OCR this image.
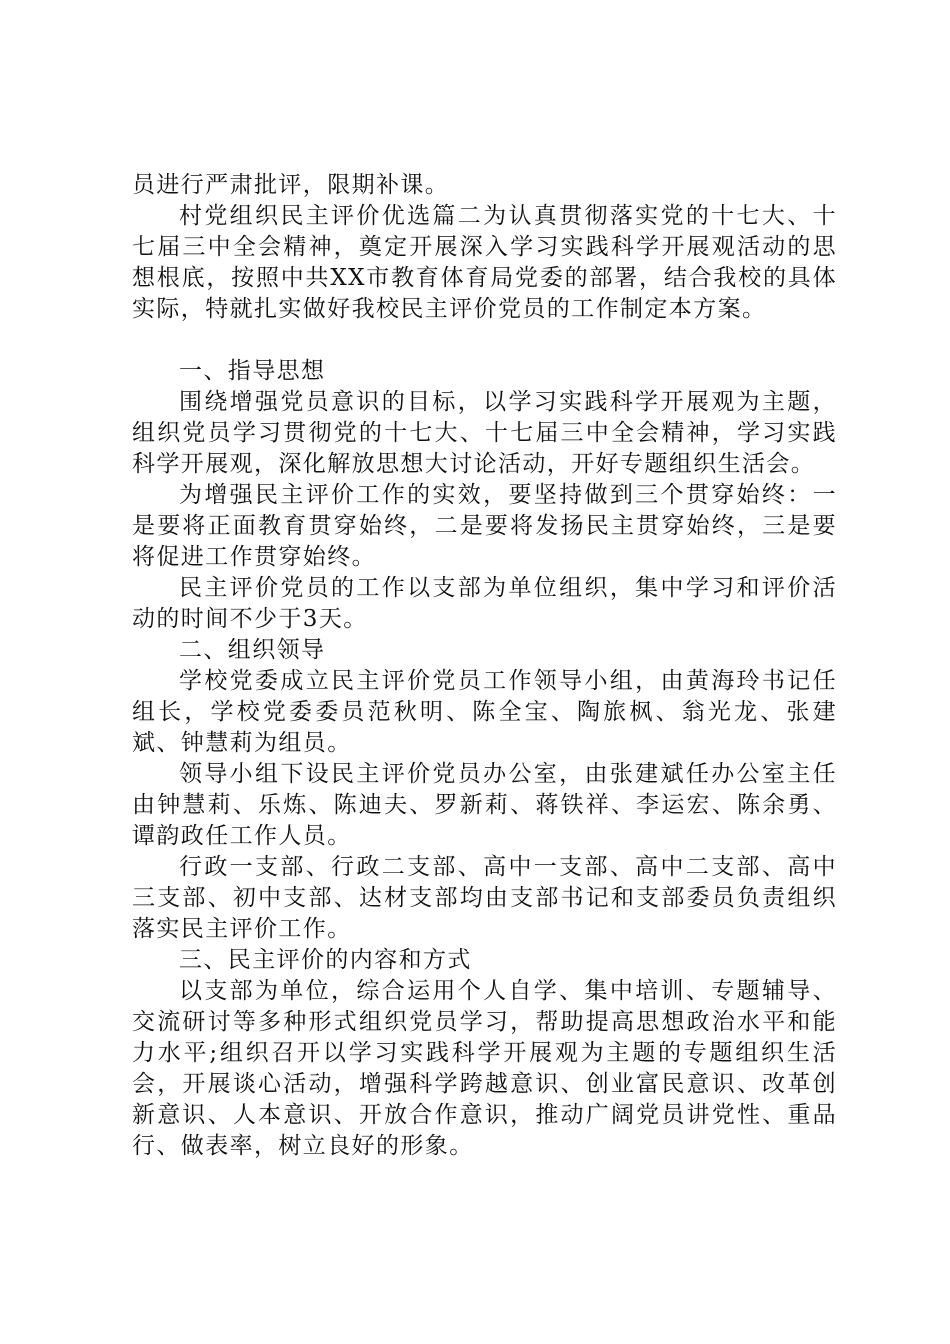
员进行严肃批评，限期补课。

村党组织民主评价优选篇二为认真贯彻落实党的十七大、十七届三中全会精神，奠定开展深入学习实践科学开展观活动的思想根底，按照中共XX市教育体育局党委的部署，结合我校的具体实际，特就扎实做好我校民主评价党员的工作制定本方案。

一、指导思想

围绕增强党员意识的目标，以学习实践科学开展观为主题，组织党员学习贯彻党的十七大、十七届三中全会精神，学习实践科学开展观，深化解放思想大讨论活动，开好专题组织生活会。

为增强民主评价工作的实效，要坚持做到三个贯穿始终：一是要将正面教育贯穿始终，二是要将发扬民主贯穿始终，三是要将促进工作贯穿始终。

民主评价党员的工作以支部为单位组织，集中学习和评价活动的时间不少于3天。

二、组织领导

学校党委成立民主评价党员工作领导小组，由黄海玲书记任组长，学校党委委员范秋明、陈全宝、陶旅枫、翁光龙、张建斌、钟慧莉为组员。

领导小组下设民主评价党员办公室，由张建斌任办公室主任由钟慧莉、乐炼、陈迪夫、罗新莉、蒋铁祥、李运宏、陈余勇、谭韵政任工作人员。

行政一支部、行政二支部、高中一支部、高中二支部、高中三支部、初中支部、达材支部均由支部书记和支部委员负责组织落实民主评价工作。

三、民主评价的内容和方式

以支部为单位，综合运用个人自学、集中培训、专题辅导、交流研讨等多种形式组织党员学习，帮助提高思想政治水平和能力水平;组织召开以学习实践科学开展观为主题的专题组织生活会，开展谈心活动，增强科学跨越意识、创业富民意识、改革创新意识、人本意识、开放合作意识，推动广阔党员讲党性、重品行、做表率，树立良好的形象。
